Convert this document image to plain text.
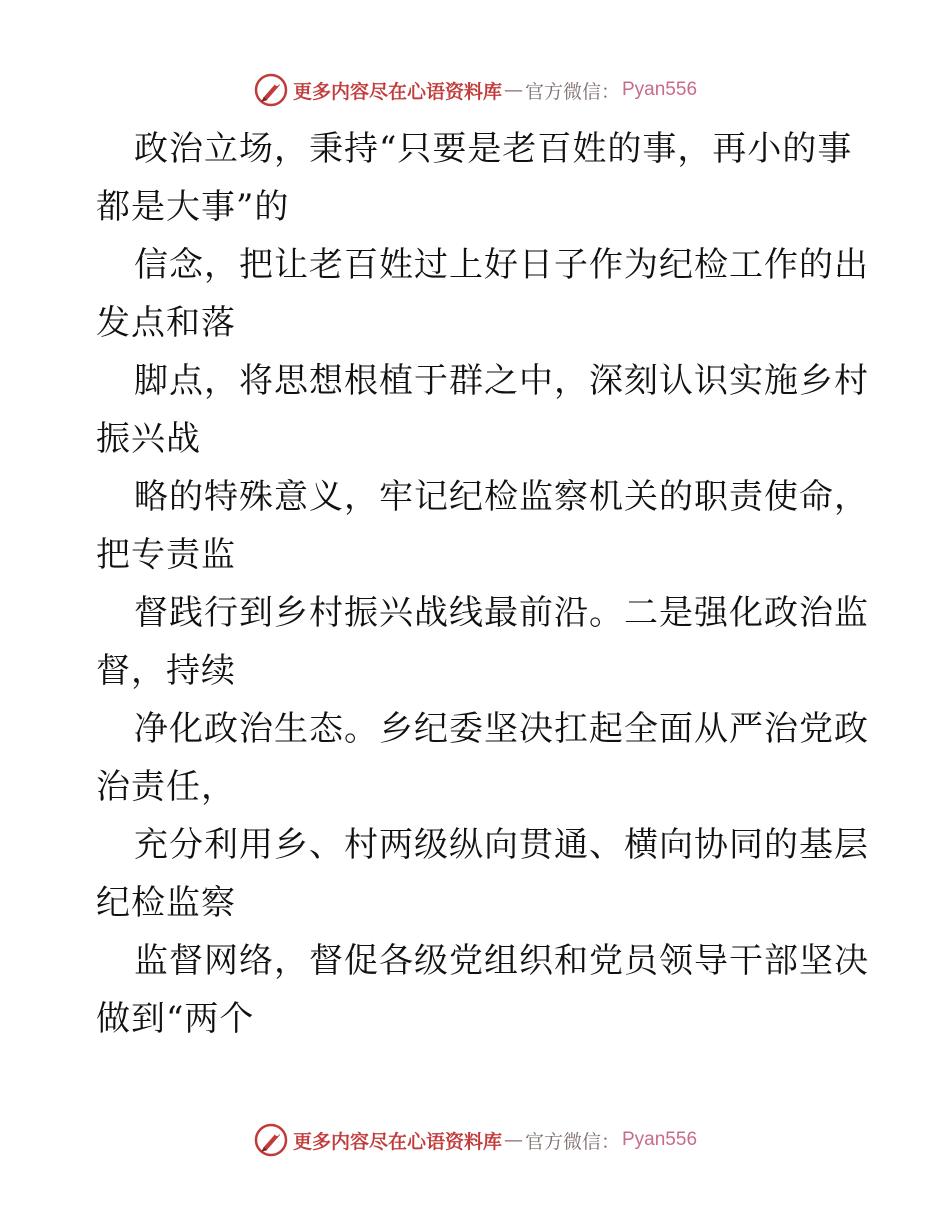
更多内容尽在心语资料库 — 官方微信： Pyan556

政治立场，秉持“只要是老百姓的事，再小的事
都是大事”的

信念，把让老百姓过上好日子作为纪检工作的出
发点和落

脚点，将思想根植于群之中，深刻认识实施乡村
振兴战

略的特殊意义，牢记纪检监察机关的职责使命，
把专责监

督践行到乡村振兴战线最前沿。二是强化政治监
督，持续

净化政治生态。乡纪委坚决扛起全面从严治党政
治责任，

充分利用乡、村两级纵向贯通、横向协同的基层
纪检监察

监督网络，督促各级党组织和党员领导干部坚决
做到“两个

更多内容尽在心语资料库 — 官方微信： Pyan556
